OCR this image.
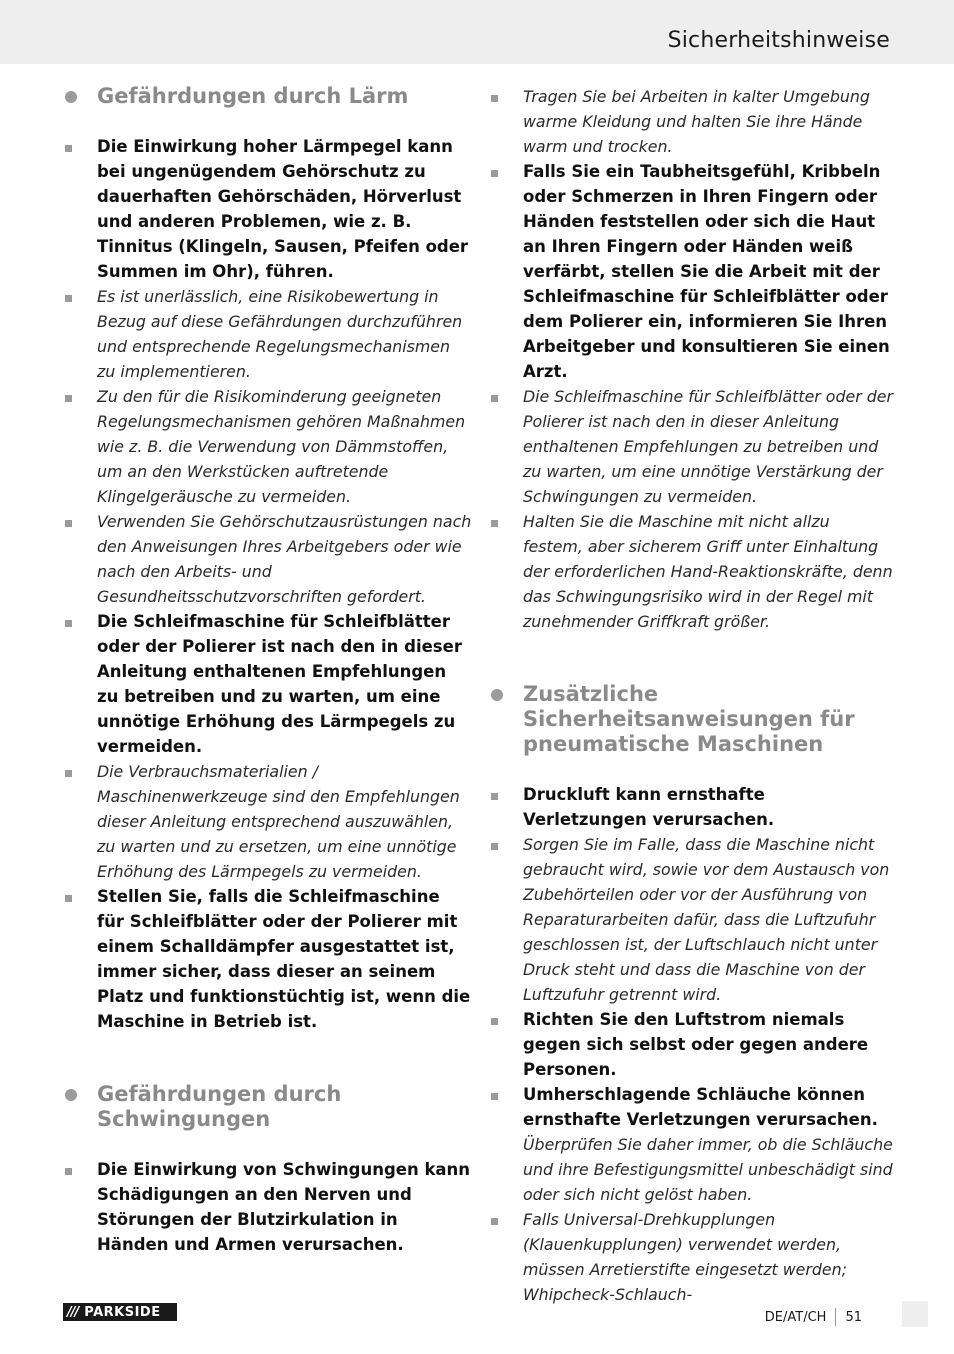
Sicherheitshinweise
Gefährdungen durch Lärm
Die Einwirkung hoher Lärmpegel kann bei ungenügendem Gehörschutz zu dauerhaften Gehörschäden, Hörverlust und anderen Problemen, wie z. B. Tinnitus (Klingeln, Sausen, Pfeifen oder Summen im Ohr), führen.
Es ist unerlässlich, eine Risikobewertung in Bezug auf diese Gefährdungen durchzuführen und entsprechende Regelungsmechanismen zu implementieren.
Zu den für die Risikominderung geeigneten Regelungsmechanismen gehören Maßnahmen wie z. B. die Verwendung von Dämmstoffen, um an den Werkstücken auftretende Klingelgeräusche zu vermeiden.
Verwenden Sie Gehörschutzausrüstungen nach den Anweisungen Ihres Arbeitgebers oder wie nach den Arbeits- und Gesundheitsschutzvorschriften gefordert.
Die Schleifmaschine für Schleifblätter oder der Polierer ist nach den in dieser Anleitung enthaltenen Empfehlungen zu betreiben und zu warten, um eine unnötige Erhöhung des Lärmpegels zu vermeiden.
Die Verbrauchsmaterialien / Maschinenwerkzeuge sind den Empfehlungen dieser Anleitung entsprechend auszuwählen, zu warten und zu ersetzen, um eine unnötige Erhöhung des Lärmpegels zu vermeiden.
Stellen Sie, falls die Schleifmaschine für Schleifblätter oder der Polierer mit einem Schalldämpfer ausgestattet ist, immer sicher, dass dieser an seinem Platz und funktionstüchtig ist, wenn die Maschine in Betrieb ist.
Gefährdungen durch Schwingungen
Die Einwirkung von Schwingungen kann Schädigungen an den Nerven und Störungen der Blutzirkulation in Händen und Armen verursachen.
Tragen Sie bei Arbeiten in kalter Umgebung warme Kleidung und halten Sie ihre Hände warm und trocken.
Falls Sie ein Taubheitsgefühl, Kribbeln oder Schmerzen in Ihren Fingern oder Händen feststellen oder sich die Haut an Ihren Fingern oder Händen weiß verfärbt, stellen Sie die Arbeit mit der Schleifmaschine für Schleifblätter oder dem Polierer ein, informieren Sie Ihren Arbeitgeber und konsultieren Sie einen Arzt.
Die Schleifmaschine für Schleifblätter oder der Polierer ist nach den in dieser Anleitung enthaltenen Empfehlungen zu betreiben und zu warten, um eine unnötige Verstärkung der Schwingungen zu vermeiden.
Halten Sie die Maschine mit nicht allzu festem, aber sicherem Griff unter Einhaltung der erforderlichen Hand-Reaktionskräfte, denn das Schwingungsrisiko wird in der Regel mit zunehmender Griffkraft größer.
Zusätzliche Sicherheitsanweisungen für pneumatische Maschinen
Druckluft kann ernsthafte Verletzungen verursachen.
Sorgen Sie im Falle, dass die Maschine nicht gebraucht wird, sowie vor dem Austausch von Zubehörteilen oder vor der Ausführung von Reparaturarbeiten dafür, dass die Luftzufuhr geschlossen ist, der Luftschlauch nicht unter Druck steht und dass die Maschine von der Luftzufuhr getrennt wird.
Richten Sie den Luftstrom niemals gegen sich selbst oder gegen andere Personen.
Umherschlagende Schläuche können ernsthafte Verletzungen verursachen.
Überprüfen Sie daher immer, ob die Schläuche und ihre Befestigungsmittel unbeschädigt sind oder sich nicht gelöst haben.
Falls Universal-Drehkupplungen (Klauenkupplungen) verwendet werden, müssen Arretierstifte eingesetzt werden; Whipcheck-Schlauch-
/// PARKSIDE	DE/AT/CH 51
